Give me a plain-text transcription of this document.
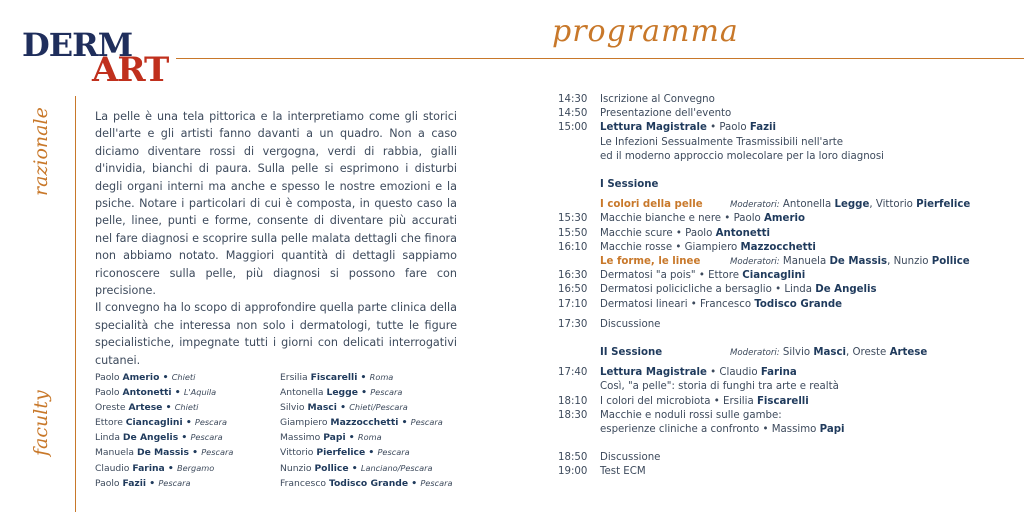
DERM
ART
programma
razionale
faculty

La pelle è una tela pittorica e la interpretiamo come gli storici dell'arte e gli artisti fanno davanti a un quadro. Non a caso diciamo diventare rossi di vergogna, verdi di rabbia, gialli d'invidia, bianchi di paura. Sulla pelle si esprimono i disturbi degli organi interni ma anche e spesso le nostre emozioni e la psiche. Notare i particolari di cui è composta, in questo caso la pelle, linee, punti e forme, consente di diventare più accurati nel fare diagnosi e scoprire sulla pelle malata dettagli che finora non abbiamo notato. Maggiori quantità di dettagli sappiamo riconoscere sulla pelle, più diagnosi si possono fare con precisione.

Il convegno ha lo scopo di approfondire quella parte clinica della specialità che interessa non solo i dermatologi, tutte le figure specialistiche, impegnate tutti i giorni con delicati interrogativi cutanei.

Paolo Amerio • Chieti
Paolo Antonetti • L'Aquila
Oreste Artese • Chieti
Ettore Ciancaglini • Pescara
Linda De Angelis • Pescara
Manuela De Massis • Pescara
Claudio Farina • Bergamo
Paolo Fazii • Pescara
Ersilia Fiscarelli • Roma
Antonella Legge • Pescara
Silvio Masci • Chieti/Pescara
Giampiero Mazzocchetti • Pescara
Massimo Papi • Roma
Vittorio Pierfelice • Pescara
Nunzio Pollice • Lanciano/Pescara
Francesco Todisco Grande • Pescara
14:30	Iscrizione al Convegno
14:50	Presentazione dell'evento
15:00	Lettura Magistrale • Paolo Fazii
Le Infezioni Sessualmente Trasmissibili nell'arte
ed il moderno approccio molecolare per la loro diagnosi
I Sessione
I colori della pelle	Moderatori: Antonella Legge, Vittorio Pierfelice
15:30	Macchie bianche e nere • Paolo Amerio
15:50	Macchie scure • Paolo Antonetti
16:10	Macchie rosse • Giampiero Mazzocchetti
Le forme, le linee	Moderatori: Manuela De Massis, Nunzio Pollice
16:30	Dermatosi "a pois" • Ettore Ciancaglini
16:50	Dermatosi policicliche a bersaglio • Linda De Angelis
17:10	Dermatosi lineari • Francesco Todisco Grande
17:30	Discussione
II Sessione	Moderatori: Silvio Masci, Oreste Artese
17:40	Lettura Magistrale • Claudio Farina
Così, "a pelle": storia di funghi tra arte e realtà
18:10	I colori del microbiota • Ersilia Fiscarelli
18:30	Macchie e noduli rossi sulle gambe:
esperienze cliniche a confronto • Massimo Papi
18:50	Discussione
19:00	Test ECM
